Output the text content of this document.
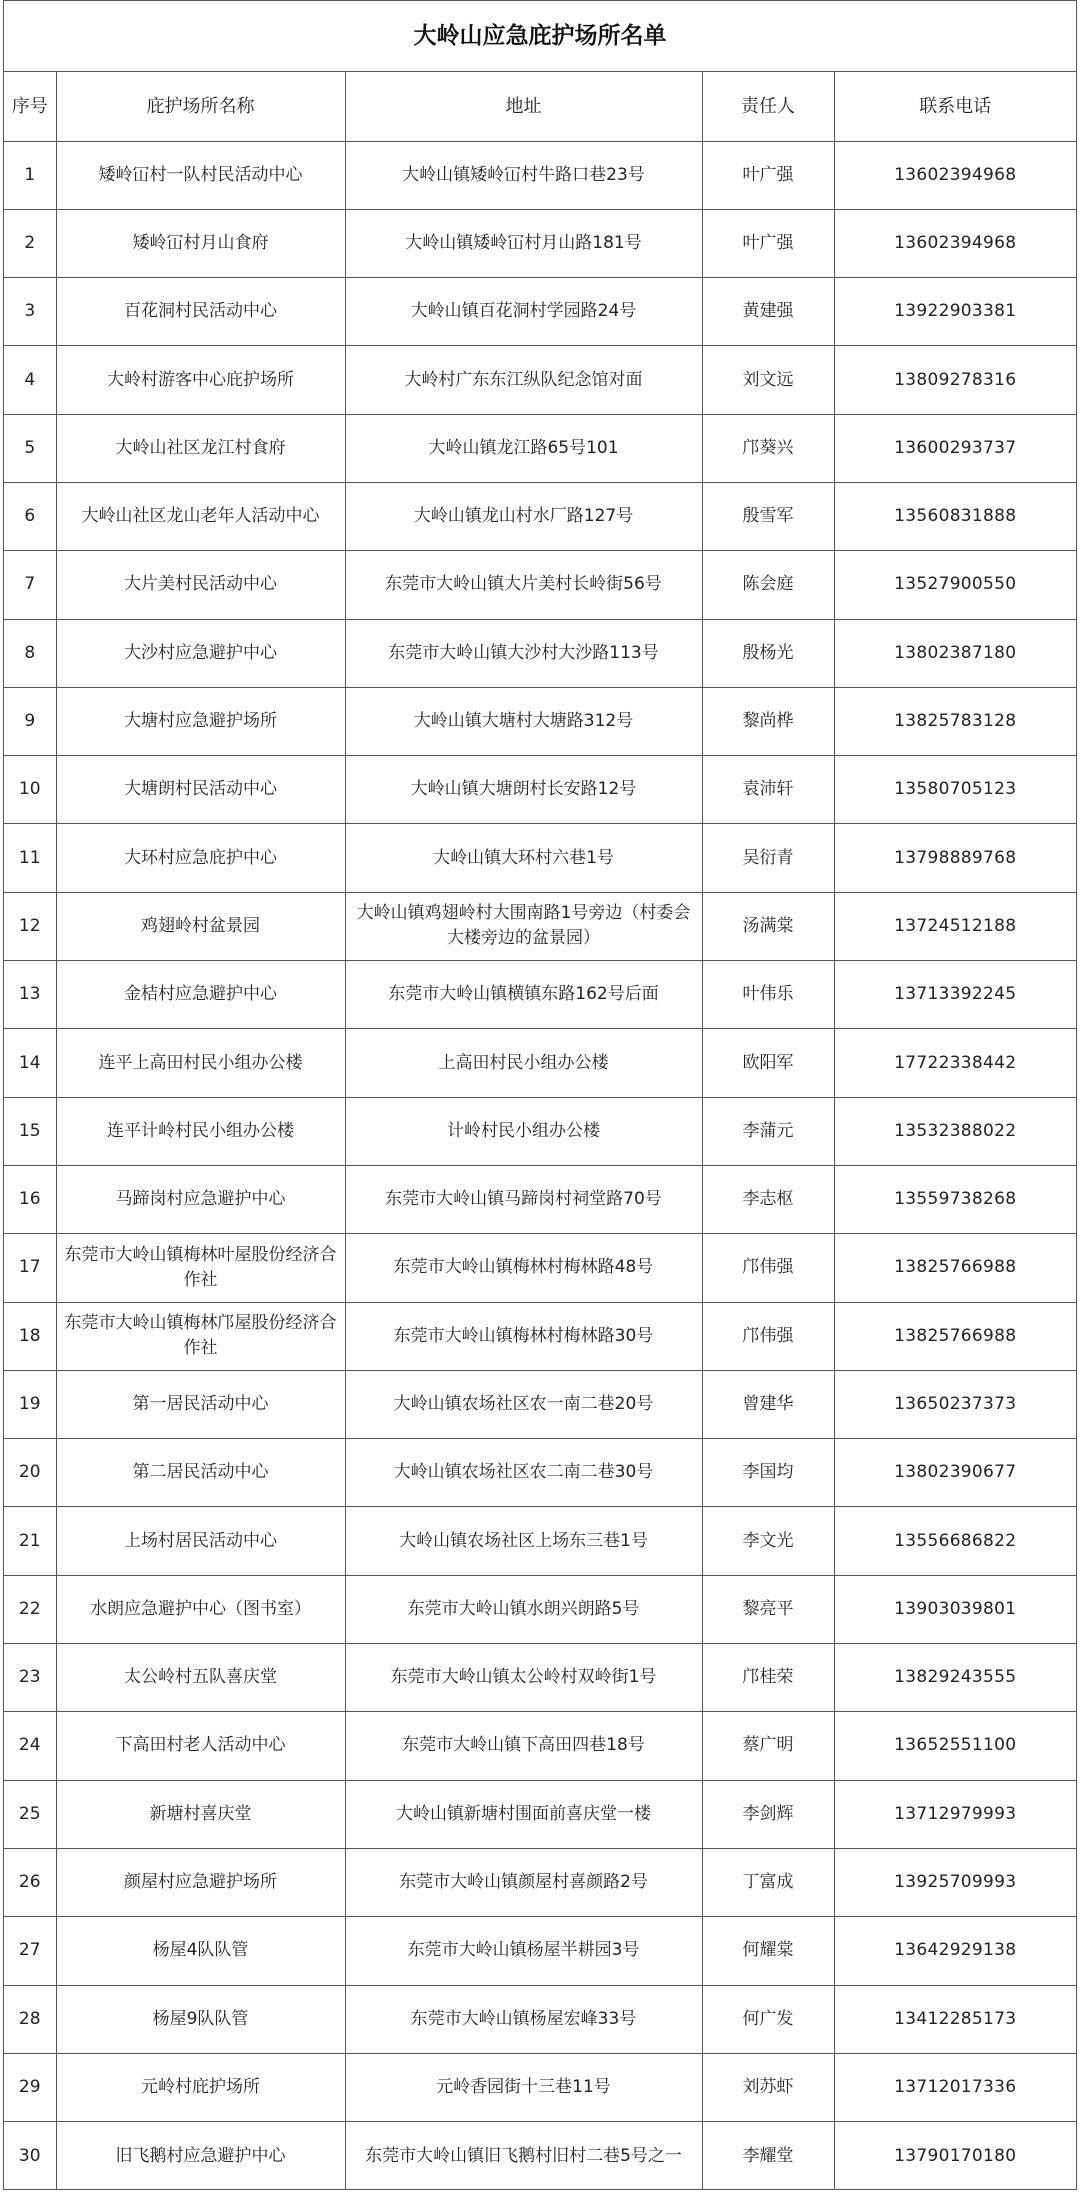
大岭山应急庇护场所名单
序号	庇护场所名称	地址	责任人	联系电话
1	矮岭冚村一队村民活动中心	大岭山镇矮岭冚村牛路口巷23号	叶广强	13602394968
2	矮岭冚村月山食府	大岭山镇矮岭冚村月山路181号	叶广强	13602394968
3	百花洞村民活动中心	大岭山镇百花洞村学园路24号	黄建强	13922903381
4	大岭村游客中心庇护场所	大岭村广东东江纵队纪念馆对面	刘文远	13809278316
5	大岭山社区龙江村食府	大岭山镇龙江路65号101	邝葵兴	13600293737
6	大岭山社区龙山老年人活动中心	大岭山镇龙山村水厂路127号	殷雪军	13560831888
7	大片美村民活动中心	东莞市大岭山镇大片美村长岭街56号	陈会庭	13527900550
8	大沙村应急避护中心	东莞市大岭山镇大沙村大沙路113号	殷杨光	13802387180
9	大塘村应急避护场所	大岭山镇大塘村大塘路312号	黎尚桦	13825783128
10	大塘朗村民活动中心	大岭山镇大塘朗村长安路12号	袁沛轩	13580705123
11	大环村应急庇护中心	大岭山镇大环村六巷1号	吴衍青	13798889768
12	鸡翅岭村盆景园	大岭山镇鸡翅岭村大围南路1号旁边（村委会大楼旁边的盆景园）	汤满棠	13724512188
13	金桔村应急避护中心	东莞市大岭山镇横镇东路162号后面	叶伟乐	13713392245
14	连平上高田村民小组办公楼	上高田村民小组办公楼	欧阳军	17722338442
15	连平计岭村民小组办公楼	计岭村民小组办公楼	李蒲元	13532388022
16	马蹄岗村应急避护中心	东莞市大岭山镇马蹄岗村祠堂路70号	李志枢	13559738268
17	东莞市大岭山镇梅林叶屋股份经济合作社	东莞市大岭山镇梅林村梅林路48号	邝伟强	13825766988
18	东莞市大岭山镇梅林邝屋股份经济合作社	东莞市大岭山镇梅林村梅林路30号	邝伟强	13825766988
19	第一居民活动中心	大岭山镇农场社区农一南二巷20号	曾建华	13650237373
20	第二居民活动中心	大岭山镇农场社区农二南二巷30号	李国均	13802390677
21	上场村居民活动中心	大岭山镇农场社区上场东三巷1号	李文光	13556686822
22	水朗应急避护中心（图书室）	东莞市大岭山镇水朗兴朗路5号	黎亮平	13903039801
23	太公岭村五队喜庆堂	东莞市大岭山镇太公岭村双岭街1号	邝桂荣	13829243555
24	下高田村老人活动中心	东莞市大岭山镇下高田四巷18号	蔡广明	13652551100
25	新塘村喜庆堂	大岭山镇新塘村围面前喜庆堂一楼	李剑辉	13712979993
26	颜屋村应急避护场所	东莞市大岭山镇颜屋村喜颜路2号	丁富成	13925709993
27	杨屋4队队管	东莞市大岭山镇杨屋半耕园3号	何耀棠	13642929138
28	杨屋9队队管	东莞市大岭山镇杨屋宏峰33号	何广发	13412285173
29	元岭村庇护场所	元岭香园街十三巷11号	刘苏虾	13712017336
30	旧飞鹅村应急避护中心	东莞市大岭山镇旧飞鹅村旧村二巷5号之一	李耀堂	13790170180
